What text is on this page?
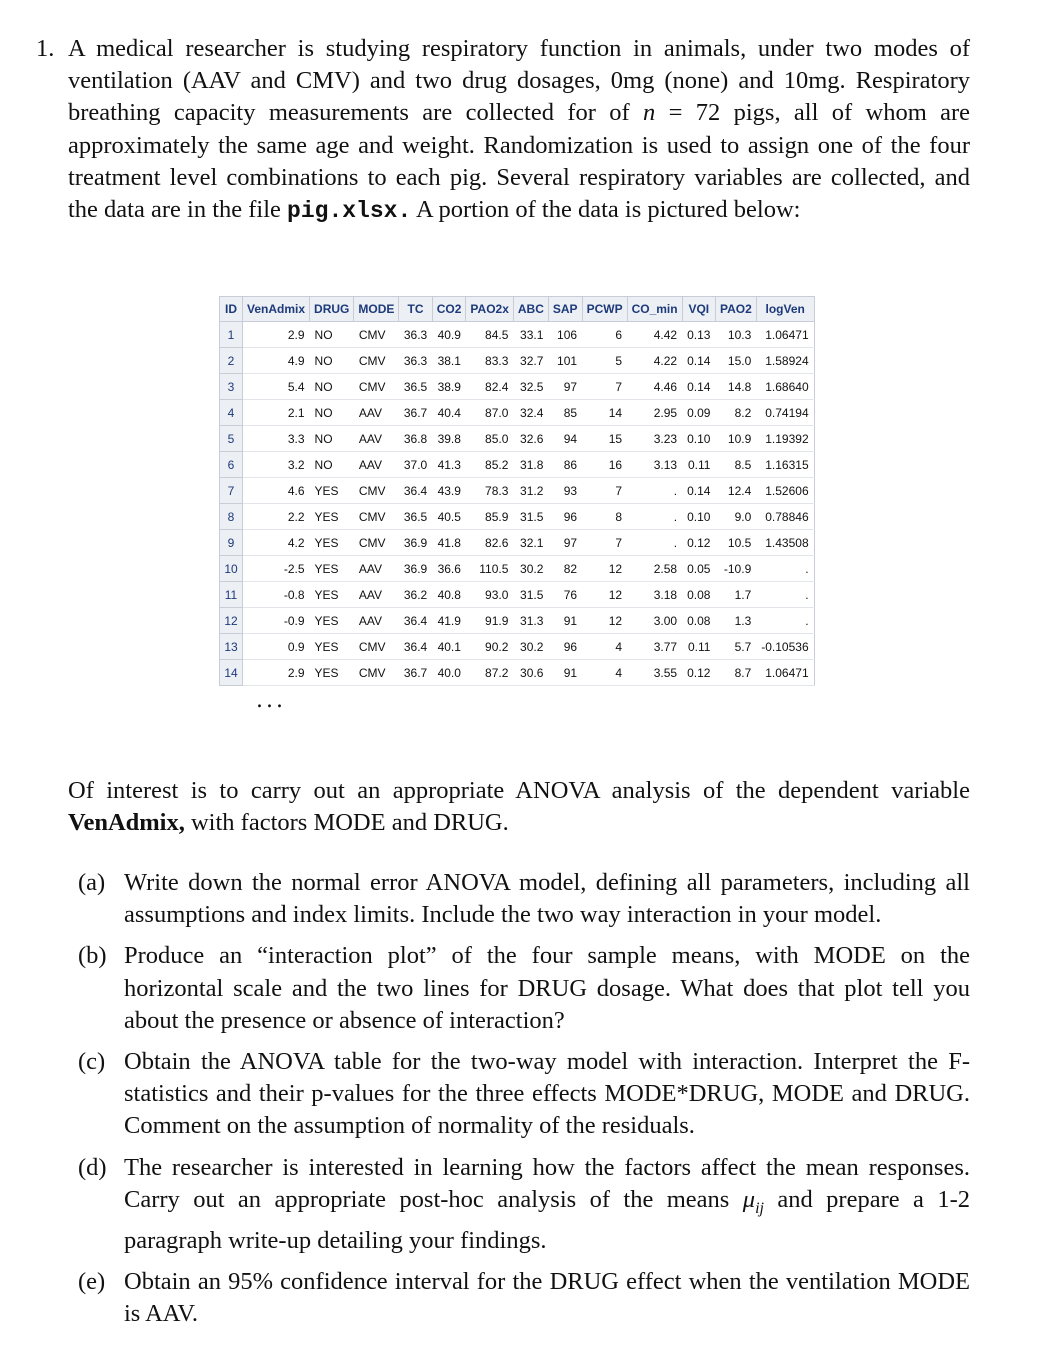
1. A medical researcher is studying respiratory function in animals, under two modes of ventilation (AAV and CMV) and two drug dosages, 0mg (none) and 10mg. Respiratory breathing capacity measurements are collected for of n = 72 pigs, all of whom are approximately the same age and weight. Randomization is used to assign one of the four treatment level combinations to each pig. Several respiratory variables are collected, and the data are in the file pig.xlsx. A portion of the data is pictured below:
ID	VenAdmix	DRUG	MODE	TC	CO2	PAO2x	ABC	SAP	PCWP	CO_min	VQI	PAO2	logVen
1	2.9	NO	CMV	36.3	40.9	84.5	33.1	106	6	4.42	0.13	10.3	1.06471
2	4.9	NO	CMV	36.3	38.1	83.3	32.7	101	5	4.22	0.14	15.0	1.58924
3	5.4	NO	CMV	36.5	38.9	82.4	32.5	97	7	4.46	0.14	14.8	1.68640
4	2.1	NO	AAV	36.7	40.4	87.0	32.4	85	14	2.95	0.09	8.2	0.74194
5	3.3	NO	AAV	36.8	39.8	85.0	32.6	94	15	3.23	0.10	10.9	1.19392
6	3.2	NO	AAV	37.0	41.3	85.2	31.8	86	16	3.13	0.11	8.5	1.16315
7	4.6	YES	CMV	36.4	43.9	78.3	31.2	93	7	.	0.14	12.4	1.52606
8	2.2	YES	CMV	36.5	40.5	85.9	31.5	96	8	.	0.10	9.0	0.78846
9	4.2	YES	CMV	36.9	41.8	82.6	32.1	97	7	.	0.12	10.5	1.43508
10	-2.5	YES	AAV	36.9	36.6	110.5	30.2	82	12	2.58	0.05	-10.9	.
11	-0.8	YES	AAV	36.2	40.8	93.0	31.5	76	12	3.18	0.08	1.7	.
12	-0.9	YES	AAV	36.4	41.9	91.9	31.3	91	12	3.00	0.08	1.3	.
13	0.9	YES	CMV	36.4	40.1	90.2	30.2	96	4	3.77	0.11	5.7	-0.10536
14	2.9	YES	CMV	36.7	40.0	87.2	30.6	91	4	3.55	0.12	8.7	1.06471
...
Of interest is to carry out an appropriate ANOVA analysis of the dependent variable VenAdmix, with factors MODE and DRUG.
(a) Write down the normal error ANOVA model, defining all parameters, including all assumptions and index limits. Include the two way interaction in your model.
(b) Produce an “interaction plot” of the four sample means, with MODE on the horizontal scale and the two lines for DRUG dosage. What does that plot tell you about the presence or absence of interaction?
(c) Obtain the ANOVA table for the two-way model with interaction. Interpret the F-statistics and their p-values for the three effects MODE*DRUG, MODE and DRUG. Comment on the assumption of normality of the residuals.
(d) The researcher is interested in learning how the factors affect the mean responses. Carry out an appropriate post-hoc analysis of the means $\mu_{ij}$ and prepare a 1-2 paragraph write-up detailing your findings.
(e) Obtain an 95% confidence interval for the DRUG effect when the ventilation MODE is AAV.
